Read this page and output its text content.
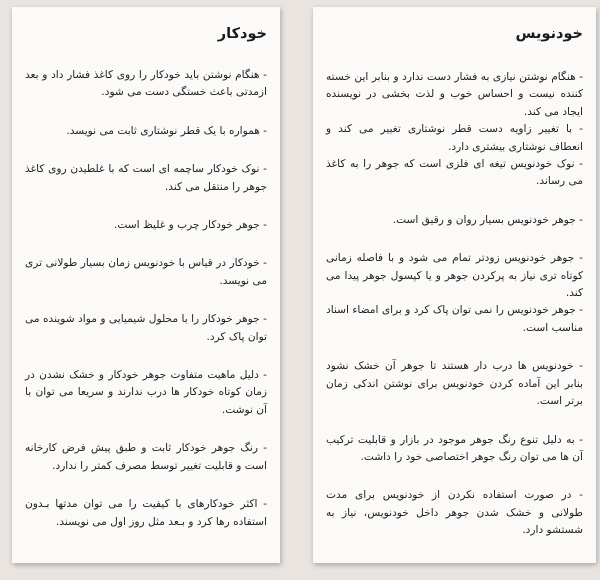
خودنویس

- هنگام نوشتن نیازی به فشار دست ندارد و بنابر این خسته کننده نیست و احساس خوب و لذت بخشی در نویسنده ایجاد می کند.

- با تغییر زاویه دست قطر نوشتاری تغییر می کند و انعطاف نوشتاری بیشتری دارد.

- نوک خودنویس تیغه ای فلزی است که جوهر را به کاغذ می رساند.

- جوهر خودنویس بسیار روان و رقیق است.

- جوهر خودنویس زودتر تمام می شود و با فاصله زمانی کوتاه تری نیاز به پرکردن جوهر و یا کپسول جوهر پیدا می کند.

- جوهر خودنویس را نمی توان پاک کرد و برای امضاء اسناد مناسب است.

- خودنویس ها درب دار هستند تا جوهر آن خشک نشود بنابر این آماده کردن خودنویس برای نوشتن اندکی زمان برتر است.

- به دلیل تنوع رنگ جوهر موجود در بازار و قابلیت ترکیب آن ها می توان رنگ جوهر اختصاصی خود را داشت.

- در صورت استفاده نکردن از خودنویس برای مدت طولانی و خشک شدن جوهر داخل خودنویس، نیاز به شستشو دارد.

خودکار

- هنگام نوشتن باید خودکار را روی کاغذ فشار داد و بعد ازمدتی باعث خستگی دست می شود.

- همواره با یک قطر نوشتاری ثابت می نویسد.

- نوک خودکار ساچمه ای است که با غلطیدن روی کاغذ جوهر را منتقل می کند.

- جوهر خودکار چرب و غلیظ است.

- خودکار در قیاس با خودنویس زمان بسیار طولانی تری می نویسد.

- جوهر خودکار را با محلول شیمیایی و مواد شوینده می توان پاک کرد.

- دلیل ماهیت متفاوت جوهر خودکار و خشک نشدن در زمان کوتاه خودکار ها درب ندارند و سریعا می توان با آن نوشت.

- رنگ جوهر خودکار ثابت و طبق پیش فرض کارخانه است و قابلیت تغییر توسط مصرف کمتر را ندارد.

- اکثر خودکارهای با کیفیت را می توان مدتها بـدون استفاده رها کرد و بـعد مثل روز اول می نویسند.
